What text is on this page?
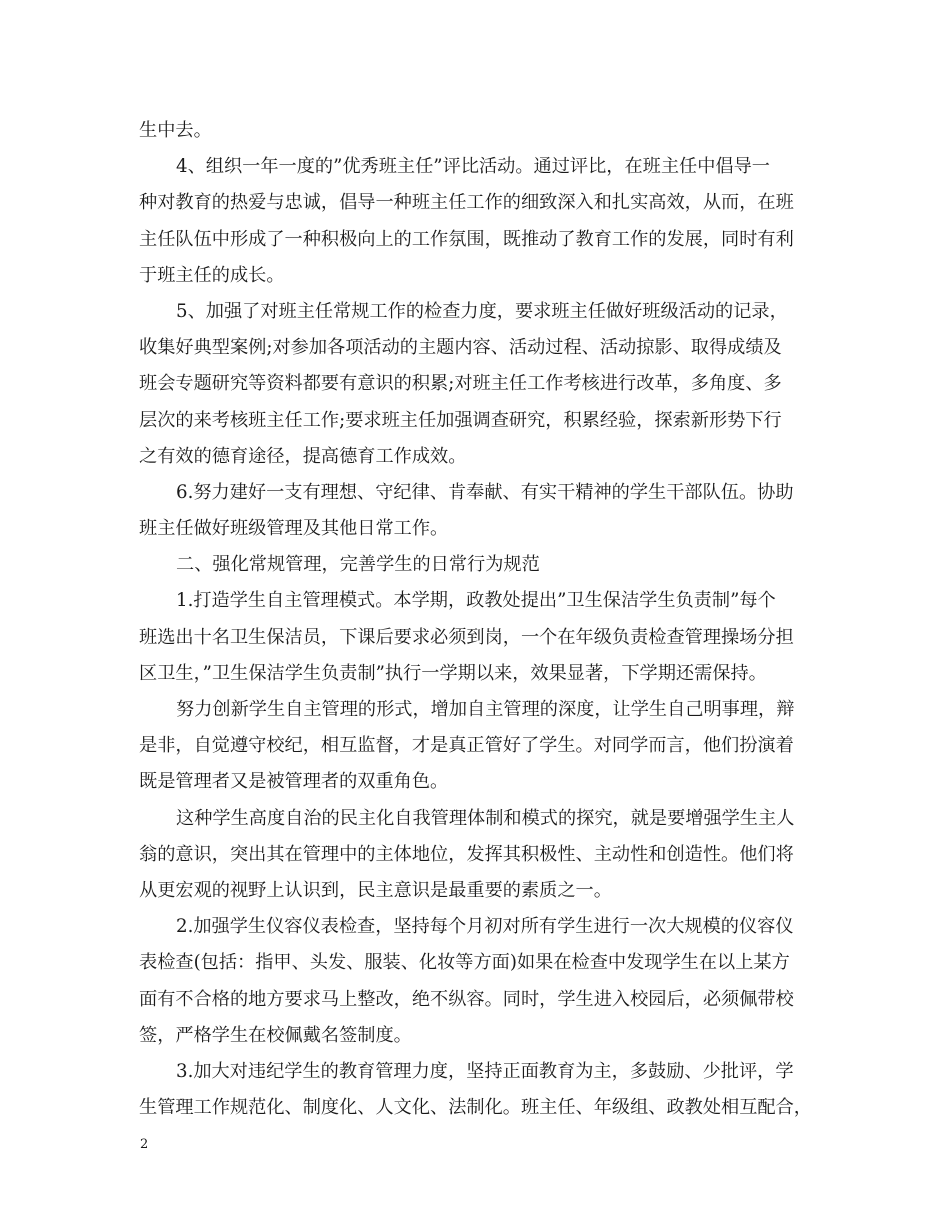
生中去。
4、组织一年一度的”优秀班主任”评比活动。通过评比，在班主任中倡导一
种对教育的热爱与忠诚，倡导一种班主任工作的细致深入和扎实高效，从而，在班
主任队伍中形成了一种积极向上的工作氛围，既推动了教育工作的发展，同时有利
于班主任的成长。
5、加强了对班主任常规工作的检查力度，要求班主任做好班级活动的记录，
收集好典型案例;对参加各项活动的主题内容、活动过程、活动掠影、取得成绩及
班会专题研究等资料都要有意识的积累;对班主任工作考核进行改革，多角度、多
层次的来考核班主任工作;要求班主任加强调查研究，积累经验，探索新形势下行
之有效的德育途径，提高德育工作成效。
6.努力建好一支有理想、守纪律、肯奉献、有实干精神的学生干部队伍。协助
班主任做好班级管理及其他日常工作。
二、强化常规管理，完善学生的日常行为规范
1.打造学生自主管理模式。本学期，政教处提出”卫生保洁学生负责制”每个
班选出十名卫生保洁员，下课后要求必须到岗，一个在年级负责检查管理操场分担
区卫生，”卫生保洁学生负责制”执行一学期以来，效果显著，下学期还需保持。
努力创新学生自主管理的形式，增加自主管理的深度，让学生自己明事理，辩
是非，自觉遵守校纪，相互监督，才是真正管好了学生。对同学而言，他们扮演着
既是管理者又是被管理者的双重角色。
这种学生高度自治的民主化自我管理体制和模式的探究，就是要增强学生主人
翁的意识，突出其在管理中的主体地位，发挥其积极性、主动性和创造性。他们将
从更宏观的视野上认识到，民主意识是最重要的素质之一。
2.加强学生仪容仪表检查，坚持每个月初对所有学生进行一次大规模的仪容仪
表检查(包括：指甲、头发、服装、化妆等方面)如果在检查中发现学生在以上某方
面有不合格的地方要求马上整改，绝不纵容。同时，学生进入校园后，必须佩带校
签，严格学生在校佩戴名签制度。
3.加大对违纪学生的教育管理力度，坚持正面教育为主，多鼓励、少批评，学
生管理工作规范化、制度化、人文化、法制化。班主任、年级组、政教处相互配合，
2
